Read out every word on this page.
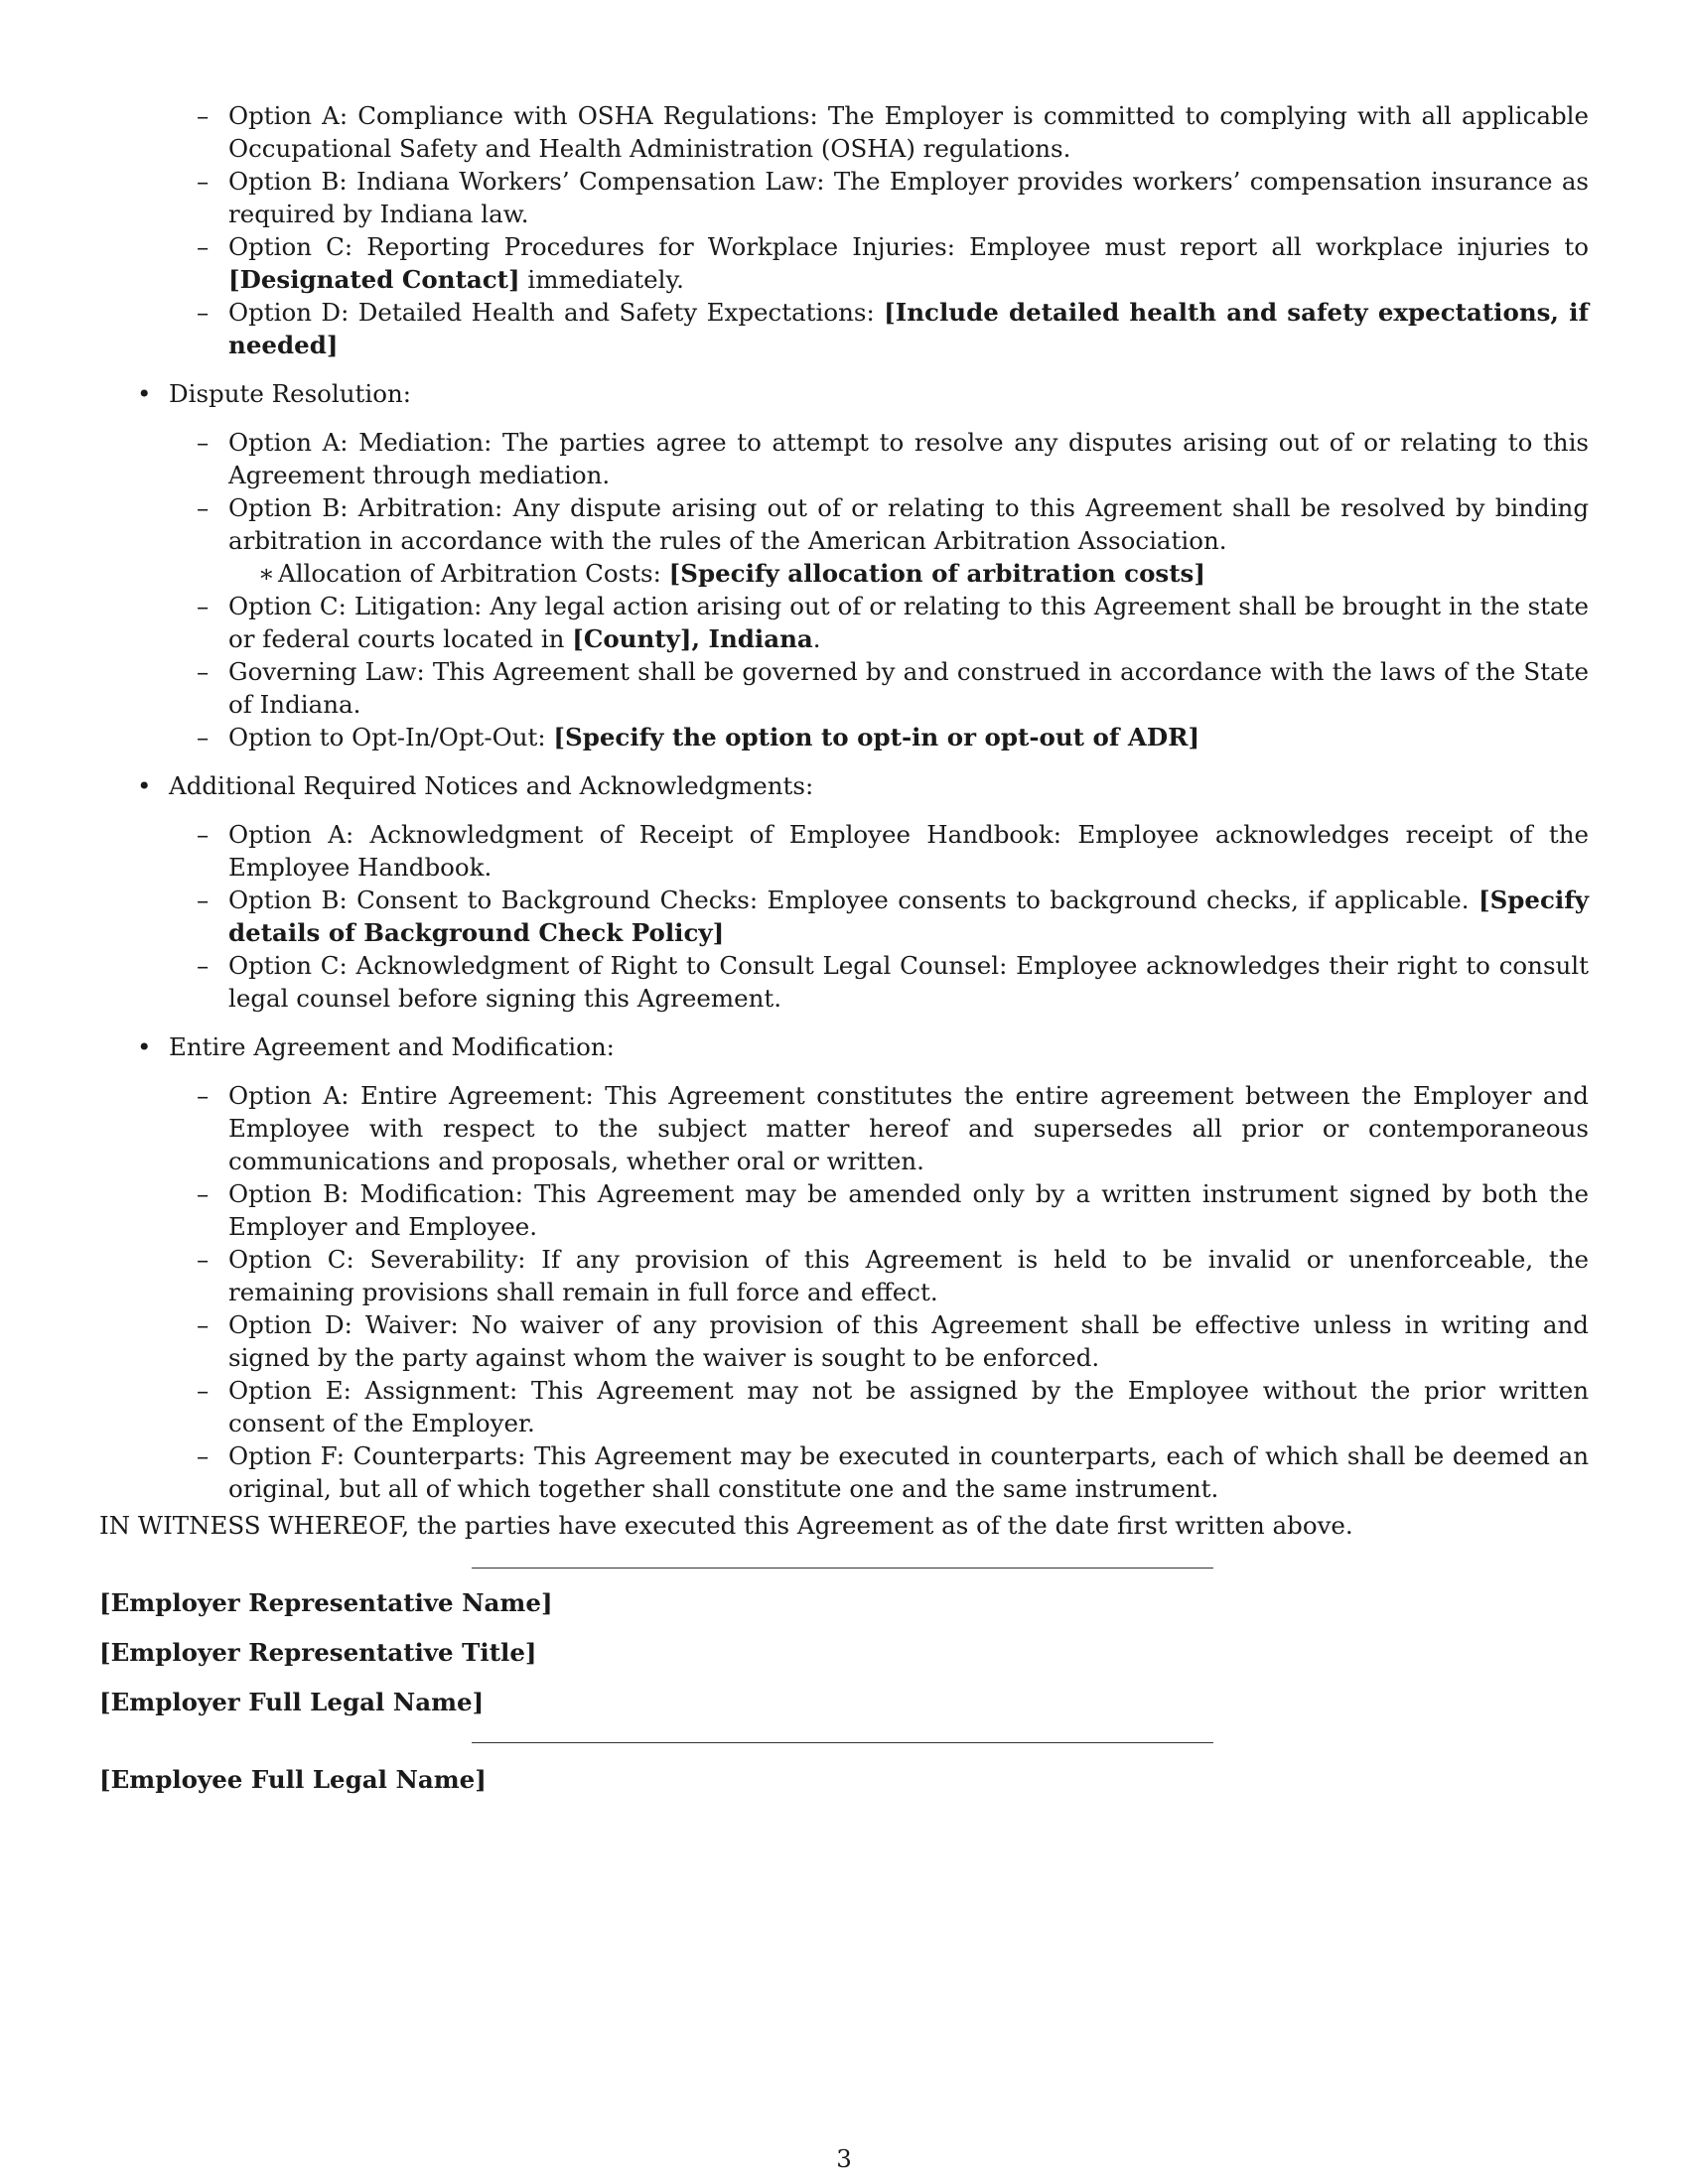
– Option A: Compliance with OSHA Regulations: The Employer is committed to complying with all applicable Occupational Safety and Health Administration (OSHA) regulations.
– Option B: Indiana Workers’ Compensation Law: The Employer provides workers’ compensation insurance as required by Indiana law.
– Option C: Reporting Procedures for Workplace Injuries: Employee must report all workplace injuries to [Designated Contact] immediately.
– Option D: Detailed Health and Safety Expectations: [Include detailed health and safety expectations, if needed]
• Dispute Resolution:
– Option A: Mediation: The parties agree to attempt to resolve any disputes arising out of or relating to this Agreement through mediation.
– Option B: Arbitration: Any dispute arising out of or relating to this Agreement shall be resolved by binding arbitration in accordance with the rules of the American Arbitration Association.
∗ Allocation of Arbitration Costs: [Specify allocation of arbitration costs]
– Option C: Litigation: Any legal action arising out of or relating to this Agreement shall be brought in the state or federal courts located in [County], Indiana.
– Governing Law: This Agreement shall be governed by and construed in accordance with the laws of the State of Indiana.
– Option to Opt-In/Opt-Out: [Specify the option to opt-in or opt-out of ADR]
• Additional Required Notices and Acknowledgments:
– Option A: Acknowledgment of Receipt of Employee Handbook: Employee acknowledges receipt of the Employee Handbook.
– Option B: Consent to Background Checks: Employee consents to background checks, if applicable. [Specify details of Background Check Policy]
– Option C: Acknowledgment of Right to Consult Legal Counsel: Employee acknowledges their right to consult legal counsel before signing this Agreement.
• Entire Agreement and Modification:
– Option A: Entire Agreement: This Agreement constitutes the entire agreement between the Employer and Employee with respect to the subject matter hereof and supersedes all prior or contemporaneous communications and proposals, whether oral or written.
– Option B: Modification: This Agreement may be amended only by a written instrument signed by both the Employer and Employee.
– Option C: Severability: If any provision of this Agreement is held to be invalid or unenforceable, the remaining provisions shall remain in full force and effect.
– Option D: Waiver: No waiver of any provision of this Agreement shall be effective unless in writing and signed by the party against whom the waiver is sought to be enforced.
– Option E: Assignment: This Agreement may not be assigned by the Employee without the prior written consent of the Employer.
– Option F: Counterparts: This Agreement may be executed in counterparts, each of which shall be deemed an original, but all of which together shall constitute one and the same instrument.
IN WITNESS WHEREOF, the parties have executed this Agreement as of the date first written above.
[Employer Representative Name]
[Employer Representative Title]
[Employer Full Legal Name]
[Employee Full Legal Name]
3
